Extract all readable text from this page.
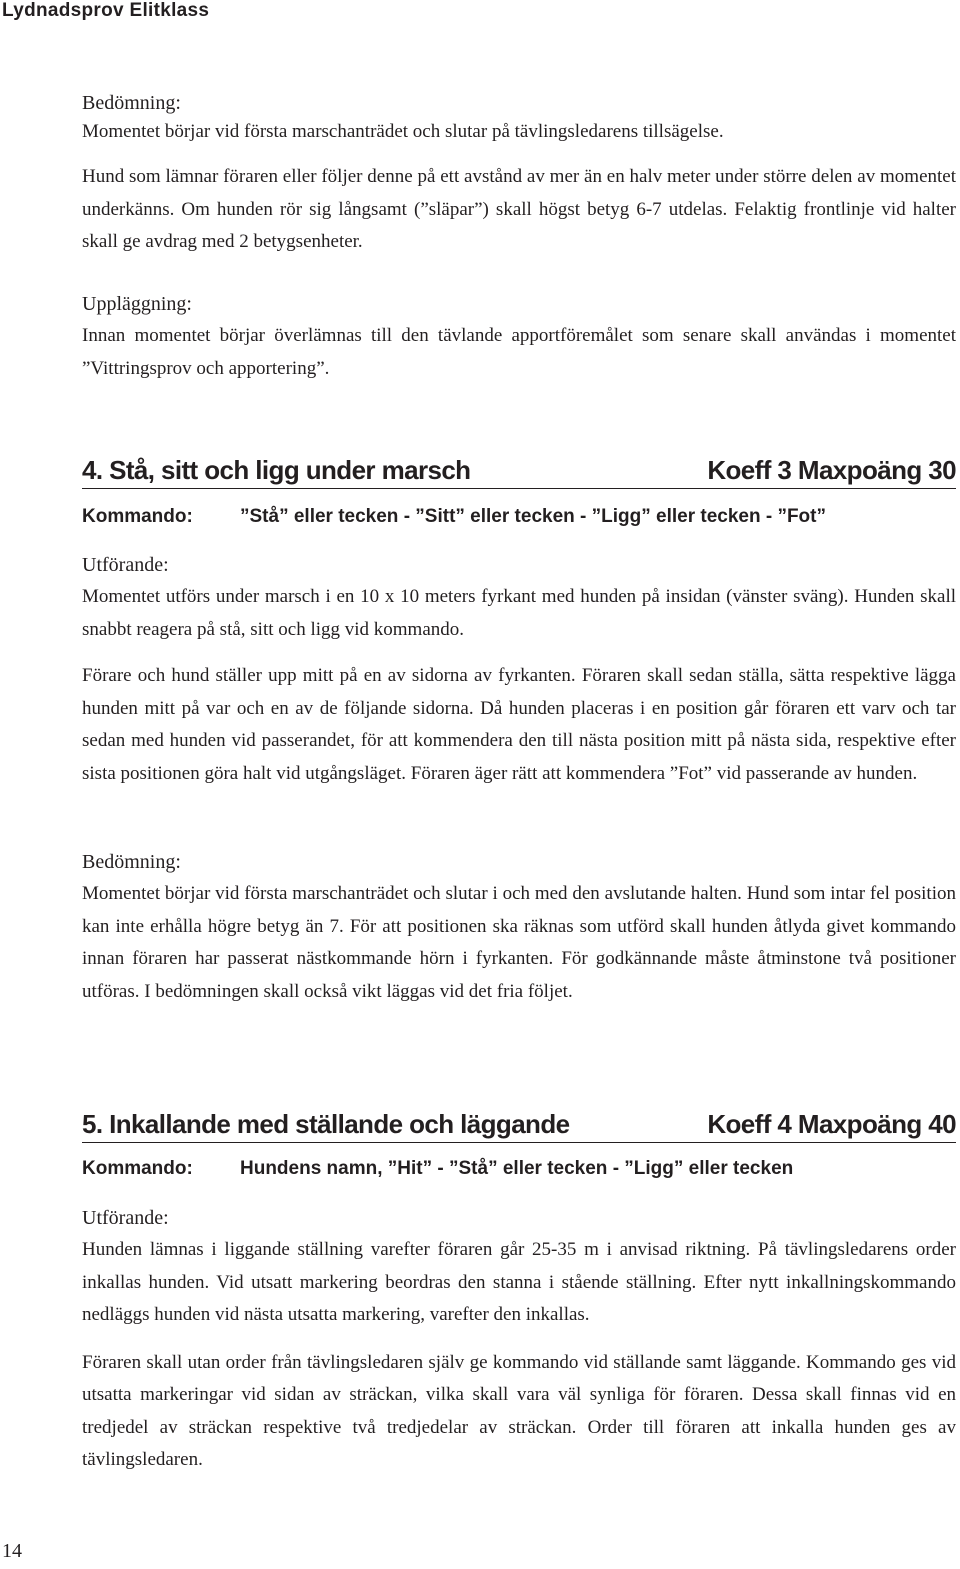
Lydnadsprov Elitklass
Bedömning:

Momentet börjar vid första marschanträdet och slutar på tävlingsledarens tillsägelse.

Hund som lämnar föraren eller följer denne på ett avstånd av mer än en halv meter under större delen av momentet underkänns. Om hunden rör sig långsamt (”släpar”) skall högst betyg 6-7 utdelas. Felaktig frontlinje vid halter skall ge avdrag med 2 betygsenheter.

Uppläggning:

Innan momentet börjar överlämnas till den tävlande apportföremålet som senare skall användas i momentet ”Vittringsprov och apportering”.

4. Stå, sitt och ligg under marsch	Koeff 3 Maxpoäng 30
Kommando: ”Stå” eller tecken - ”Sitt” eller tecken - ”Ligg” eller tecken - ”Fot”
Utförande:

Momentet utförs under marsch i en 10 x 10 meters fyrkant med hunden på insidan (vänster sväng). Hunden skall snabbt reagera på stå, sitt och ligg vid kommando.

Förare och hund ställer upp mitt på en av sidorna av fyrkanten. Föraren skall sedan ställa, sätta respektive lägga hunden mitt på var och en av de följande sidorna. Då hunden placeras i en position går föraren ett varv och tar sedan med hunden vid passerandet, för att kommendera den till nästa position mitt på nästa sida, respektive efter sista positionen göra halt vid utgångsläget. Föraren äger rätt att kommendera ”Fot” vid passerande av hunden.

Bedömning:

Momentet börjar vid första marschanträdet och slutar i och med den avslutande halten. Hund som intar fel position kan inte erhålla högre betyg än 7. För att positionen ska räknas som utförd skall hunden åtlyda givet kommando innan föraren har passerat nästkommande hörn i fyrkanten. För godkännande måste åtminstone två positioner utföras. I bedömningen skall också vikt läggas vid det fria följet.

5. Inkallande med ställande och läggande	Koeff 4 Maxpoäng 40
Kommando: Hundens namn, ”Hit” - ”Stå” eller tecken - ”Ligg” eller tecken
Utförande:

Hunden lämnas i liggande ställning varefter föraren går 25-35 m i anvisad riktning. På tävlingsledarens order inkallas hunden. Vid utsatt markering beordras den stanna i stående ställning. Efter nytt inkallningskommando nedläggs hunden vid nästa utsatta markering, varefter den inkallas.

Föraren skall utan order från tävlingsledaren själv ge kommando vid ställande samt läggande. Kommando ges vid utsatta markeringar vid sidan av sträckan, vilka skall vara väl synliga för föraren. Dessa skall finnas vid en tredjedel av sträckan respektive två tredjedelar av sträckan. Order till föraren att inkalla hunden ges av tävlingsledaren.

14
